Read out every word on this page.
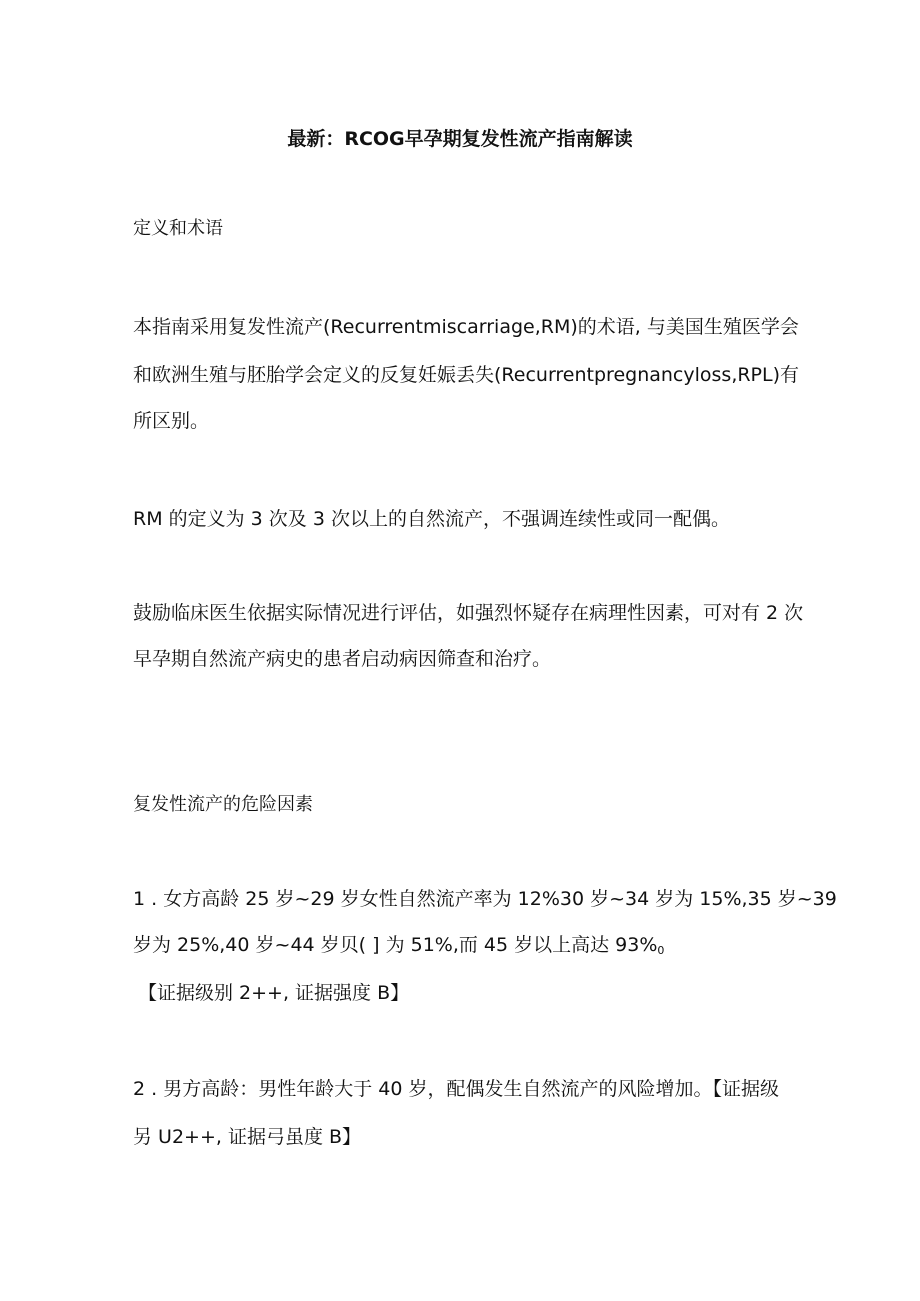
最新：RCOG早孕期复发性流产指南解读
定义和术语
本指南采用复发性流产(Recurrentmiscarriage,RM)的术语, 与美国生殖医学会
和欧洲生殖与胚胎学会定义的反复妊娠丢失(Recurrentpregnancyloss,RPL)有
所区别。
RM 的定义为 3 次及 3 次以上的自然流产，不强调连续性或同一配偶。
鼓励临床医生依据实际情况进行评估，如强烈怀疑存在病理性因素，可对有 2 次
早孕期自然流产病史的患者启动病因筛查和治疗。
复发性流产的危险因素
1 . 女方高龄 25 岁~29 岁女性自然流产率为 12%30 岁~34 岁为 15%,35 岁~39
岁为 25%,40 岁~44 岁贝( ] 为 51%,而 45 岁以上高达 $93\%_0$
【证据级别 2++, 证据强度 B】
2 . 男方高龄：男性年龄大于 40 岁，配偶发生自然流产的风险增加。【证据级
另 U2++, 证据弓虽度 B】
